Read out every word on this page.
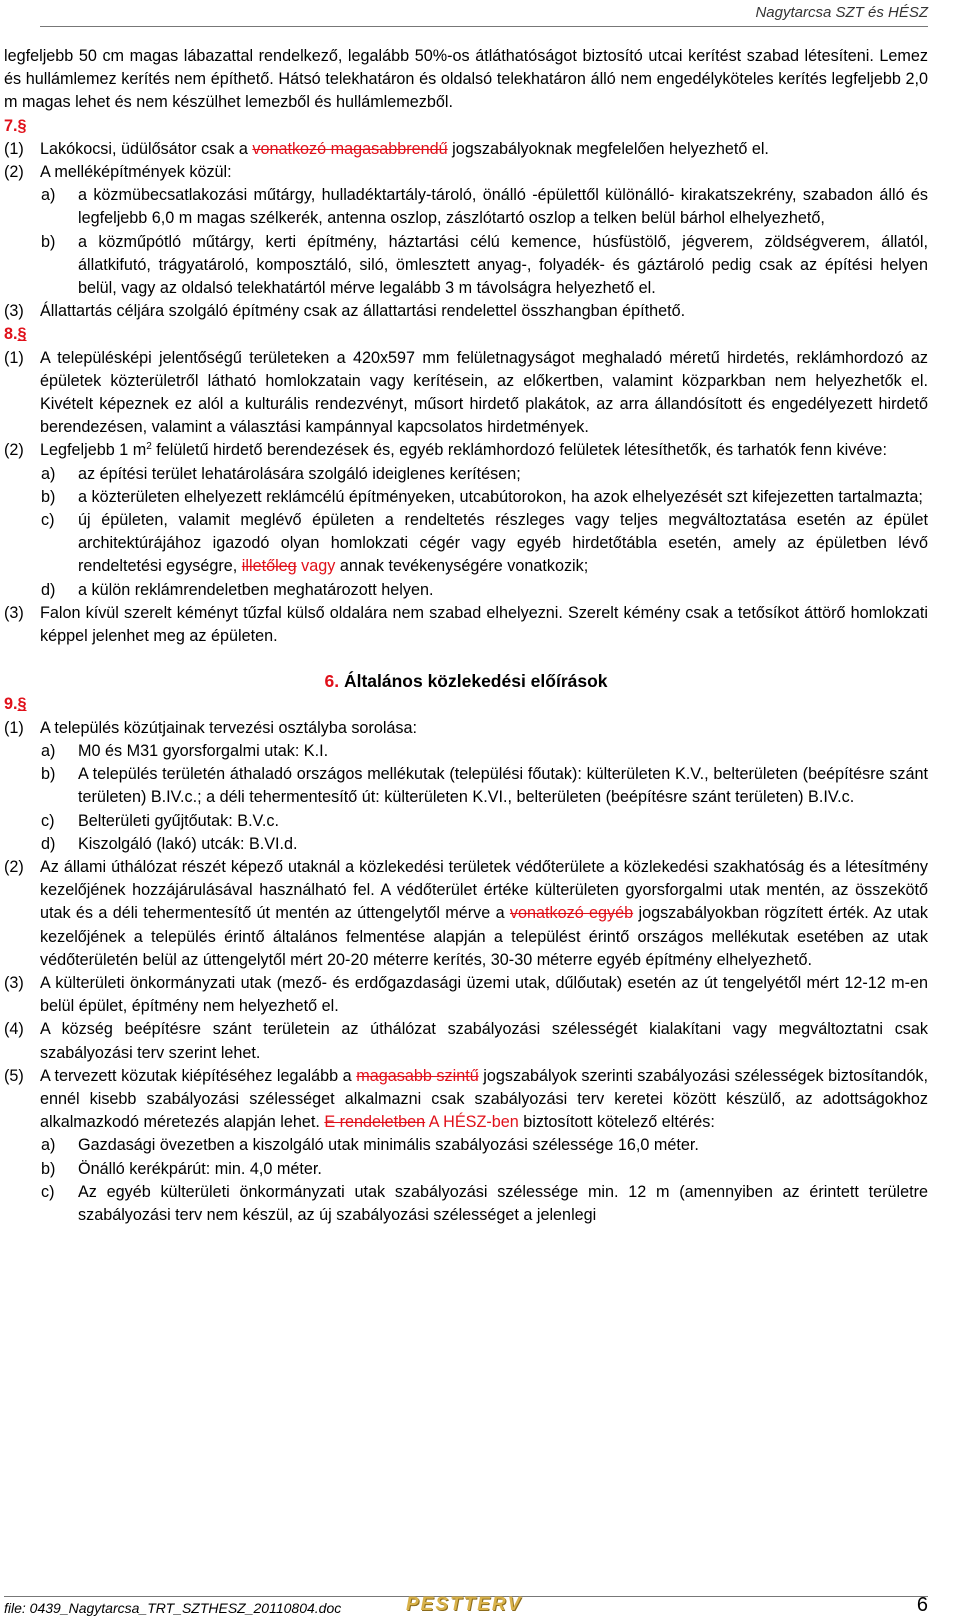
Nagytarcsa SZT és HÉSZ
legfeljebb 50 cm magas lábazattal rendelkező, legalább 50%-os átláthatóságot biztosító utcai kerítést szabad létesíteni. Lemez és hullámlemez kerítés nem építhető. Hátsó telekhatáron és oldalsó telekhatáron álló nem engedélyköteles kerítés legfeljebb 2,0 m magas lehet és nem készülhet lemezből és hullámlemezből.
7.§
(1) Lakókocsi, üdülősátor csak a vonatkozó magasabbrendű jogszabályoknak megfelelően helyezhető el.
(2) A melléképítmények közül:
a) a közmübecsatlakozási műtárgy, hulladéktartály-tároló, önálló -épülettől különálló- kirakatszekrény, szabadon álló és legfeljebb 6,0 m magas szélkerék, antenna oszlop, zászlótartó oszlop a telken belül bárhol elhelyezhető,
b) a közműpótló műtárgy, kerti építmény, háztartási célú kemence, húsfüstölő, jégverem, zöldségverem, állatól, állatkifutó, trágyatároló, komposztáló, siló, ömlesztett anyag-, folyadék- és gáztároló pedig csak az építési helyen belül, vagy az oldalsó telekhatártól mérve legalább 3 m távolságra helyezhető el.
(3) Állattartás céljára szolgáló építmény csak az állattartási rendelettel összhangban építhető.
8.§
(1) A településképi jelentőségű területeken a 420x597 mm felületnagyságot meghaladó méretű hirdetés, reklámhordozó az épületek közterületről látható homlokzatain vagy kerítésein, az előkertben, valamint közparkban nem helyezhetők el. Kivételt képeznek ez alól a kulturális rendezvényt, műsort hirdető plakátok, az arra állandósított és engedélyezett hirdető berendezésen, valamint a választási kampánnyal kapcsolatos hirdetmények.
(2) Legfeljebb 1 $m^2$ felületű hirdető berendezések és, egyéb reklámhordozó felületek létesíthetők, és tarhatók fenn kivéve:
a) az építési terület lehatárolására szolgáló ideiglenes kerítésen;
b) a közterületen elhelyezett reklámcélú építményeken, utcabútorokon, ha azok elhelyezését szt kifejezetten tartalmazta;
c) új épületen, valamit meglévő épületen a rendeltetés részleges vagy teljes megváltoztatása esetén az épület architektúrájához igazodó olyan homlokzati cégér vagy egyéb hirdetőtábla esetén, amely az épületben lévő rendeltetési egységre, illetőleg vagy annak tevékenységére vonatkozik;
d) a külön reklámrendeletben meghatározott helyen.
(3) Falon kívül szerelt kéményt tűzfal külső oldalára nem szabad elhelyezni. Szerelt kémény csak a tetősíkot áttörő homlokzati képpel jelenhet meg az épületen.
6. Általános közlekedési előírások
9.§
(1) A település közútjainak tervezési osztályba sorolása:
a) M0 és M31 gyorsforgalmi utak: K.I.
b) A település területén áthaladó országos mellékutak (települési főutak): külterületen K.V., belterületen (beépítésre szánt területen) B.IV.c.; a déli tehermentesítő út: külterületen K.VI., belterületen (beépítésre szánt területen) B.IV.c.
c) Belterületi gyűjtőutak: B.V.c.
d) Kiszolgáló (lakó) utcák: B.VI.d.
(2) Az állami úthálózat részét képező utaknál a közlekedési területek védőterülete a közlekedési szakhatóság és a létesítmény kezelőjének hozzájárulásával használható fel. A védőterület értéke külterületen gyorsforgalmi utak mentén, az összekötő utak és a déli tehermentesítő út mentén az úttengelytől mérve a vonatkozó egyéb jogszabályokban rögzített érték. Az utak kezelőjének a település érintő általános felmentése alapján a települést érintő országos mellékutak esetében az utak védőterületén belül az úttengelytől mért 20-20 méterre kerítés, 30-30 méterre egyéb építmény elhelyezhető.
(3) A külterületi önkormányzati utak (mező- és erdőgazdasági üzemi utak, dűlőutak) esetén az út tengelyétől mért 12-12 m-en belül épület, építmény nem helyezhető el.
(4) A község beépítésre szánt területein az úthálózat szabályozási szélességét kialakítani vagy megváltoztatni csak szabályozási terv szerint lehet.
(5) A tervezett közutak kiépítéséhez legalább a magasabb szintű jogszabályok szerinti szabályozási szélességek biztosítandók, ennél kisebb szabályozási szélességet alkalmazni csak szabályozási terv keretei között készülő, az adottságokhoz alkalmazkodó méretezés alapján lehet. E rendeletben A HÉSZ-ben biztosított kötelező eltérés:
a) Gazdasági övezetben a kiszolgáló utak minimális szabályozási szélessége 16,0 méter.
b) Önálló kerékpárút: min. 4,0 méter.
c) Az egyéb külterületi önkormányzati utak szabályozási szélessége min. 12 m (amennyiben az érintett területre szabályozási terv nem készül, az új szabályozási szélességet a jelenlegi
file: 0439_Nagytarcsa_TRT_SZTHESZ_20110804.doc	PESTTERV	6
